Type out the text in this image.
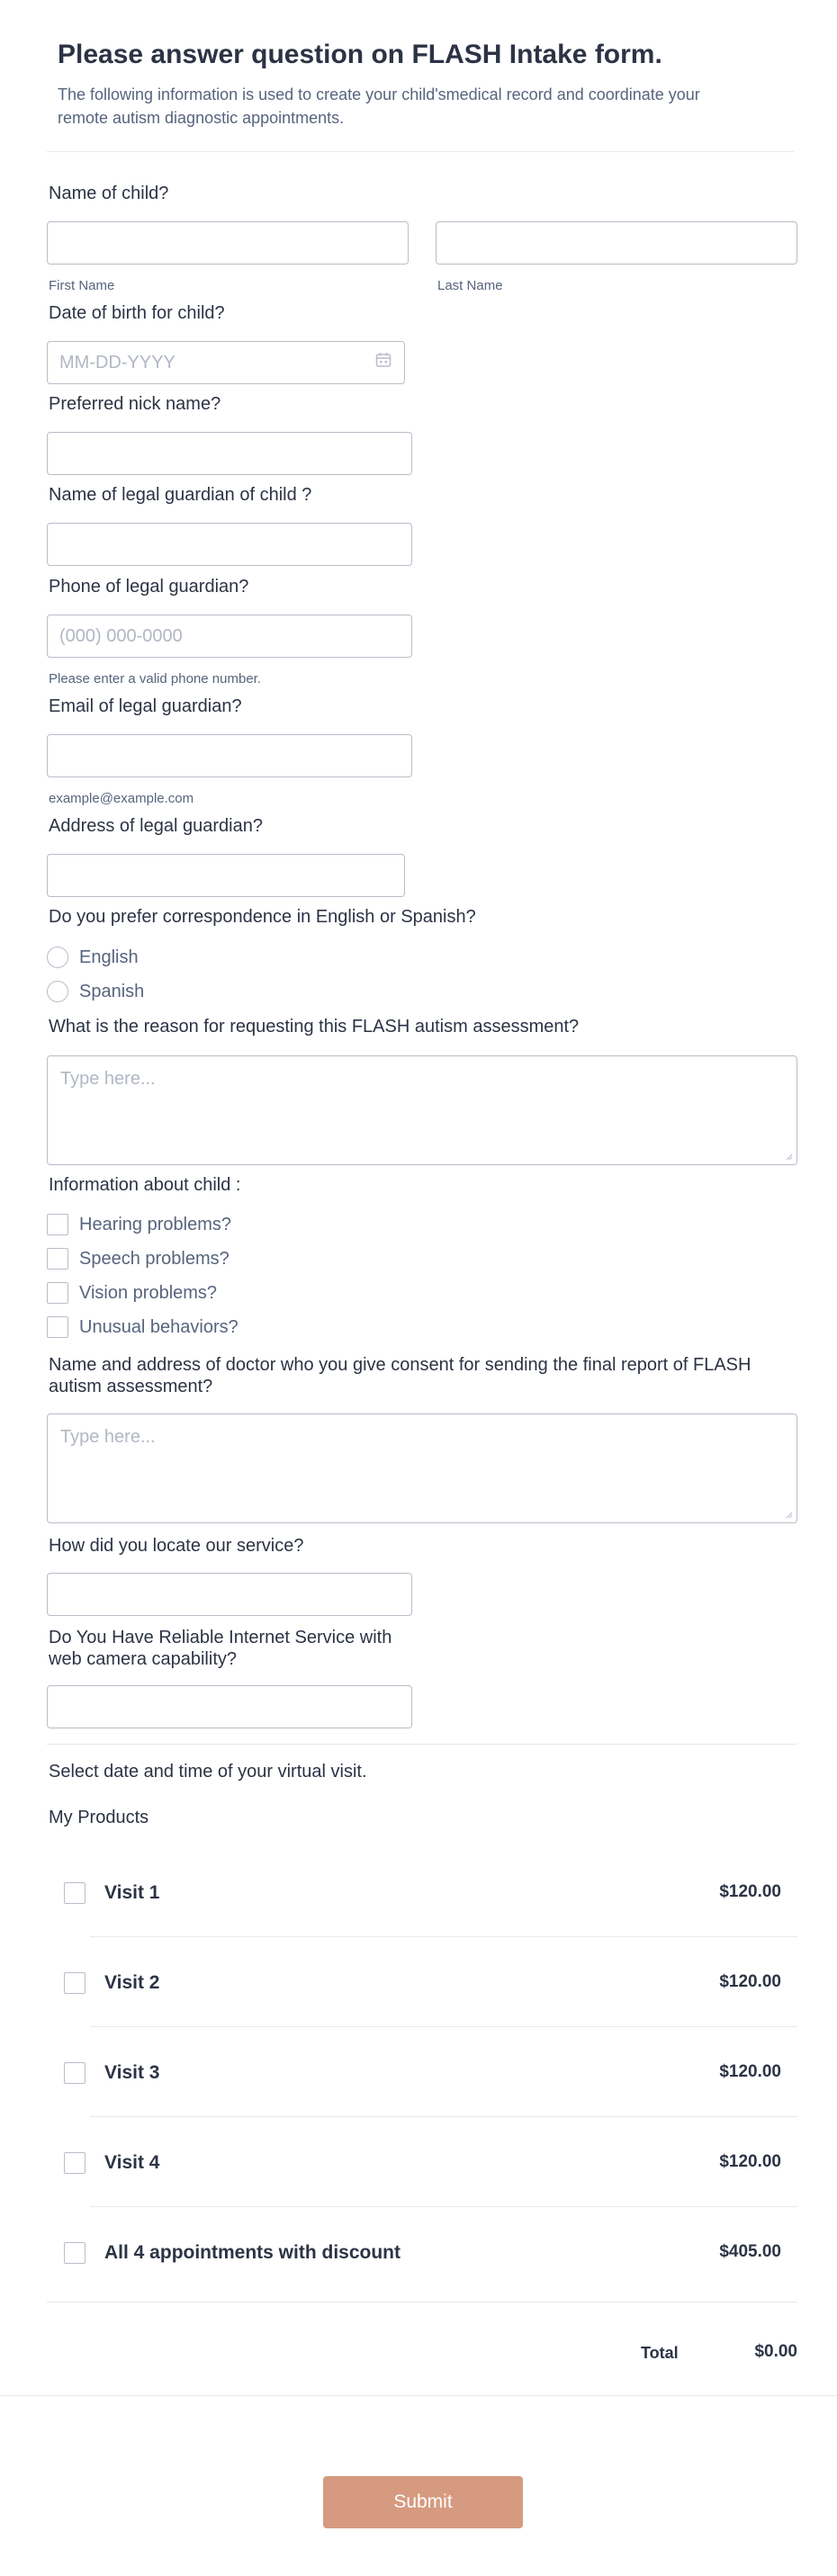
Please answer question on FLASH Intake form.
The following information is used to create your child'smedical record and coordinate your remote autism diagnostic appointments.
Name of child?
First Name	Last Name
Date of birth for child?
MM-DD-YYYY
Preferred nick name?
Name of legal guardian of child ?
Phone of legal guardian?
(000) 000-0000
Please enter a valid phone number.
Email of legal guardian?
example@example.com
Address of legal guardian?
Do you prefer correspondence in English or Spanish?
English
Spanish
What is the reason for requesting this FLASH autism assessment?
Type here...
Information about child :
Hearing problems?
Speech problems?
Vision problems?
Unusual behaviors?
Name and address of doctor who you give consent for sending the final report of FLASH autism assessment?
Type here...
How did you locate our service?
Do You Have Reliable Internet Service with web camera capability?
Select date and time of your virtual visit.
My Products
Visit 1	$120.00
Visit 2	$120.00
Visit 3	$120.00
Visit 4	$120.00
All 4 appointments with discount	$405.00
Total	$0.00
Submit
